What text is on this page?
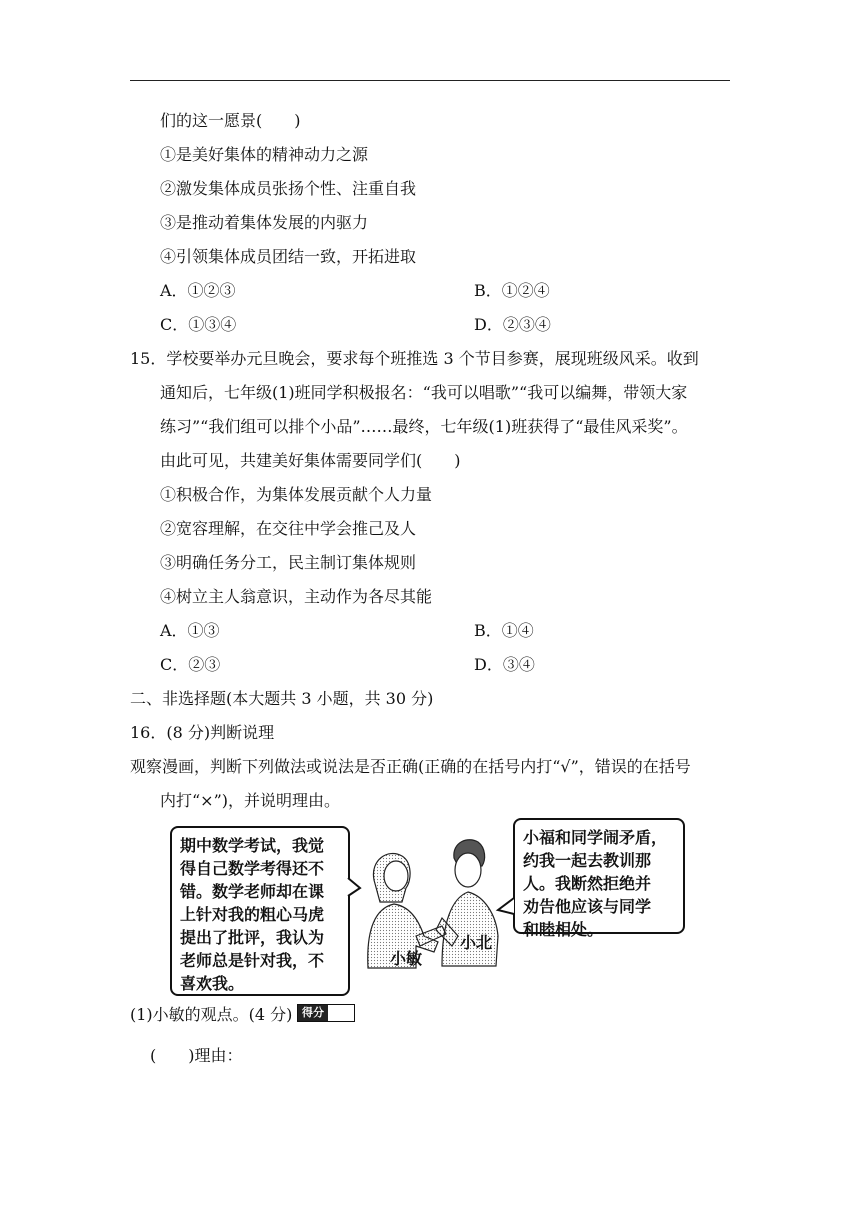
们的这一愿景(　　)
①是美好集体的精神动力之源
②激发集体成员张扬个性、注重自我
③是推动着集体发展的内驱力
④引领集体成员团结一致，开拓进取
A．①②③	B．①②④
C．①③④	D．②③④
15．学校要举办元旦晚会，要求每个班推选 3 个节目参赛，展现班级风采。收到
通知后，七年级(1)班同学积极报名：“我可以唱歌”“我可以编舞，带领大家
练习”“我们组可以排个小品”……最终，七年级(1)班获得了“最佳风采奖”。
由此可见，共建美好集体需要同学们(　　)
①积极合作，为集体发展贡献个人力量
②宽容理解，在交往中学会推己及人
③明确任务分工，民主制订集体规则
④树立主人翁意识，主动作为各尽其能
A．①③	B．①④
C．②③	D．③④
二、非选择题(本大题共 3 小题，共 30 分)
16．(8 分)判断说理
观察漫画，判断下列做法或说法是否正确(正确的在括号内打“√”，错误的在括号
内打“×”)，并说明理由。
期中数学考试，我觉
得自己数学考得还不
错。数学老师却在课
上针对我的粗心马虎
提出了批评，我认为
老师总是针对我，不
喜欢我。
小福和同学闹矛盾，
约我一起去教训那
人。我断然拒绝并
劝告他应该与同学
和睦相处。
小敏
小北
(1)小敏的观点。(4 分) 得分
(　　)理由：
